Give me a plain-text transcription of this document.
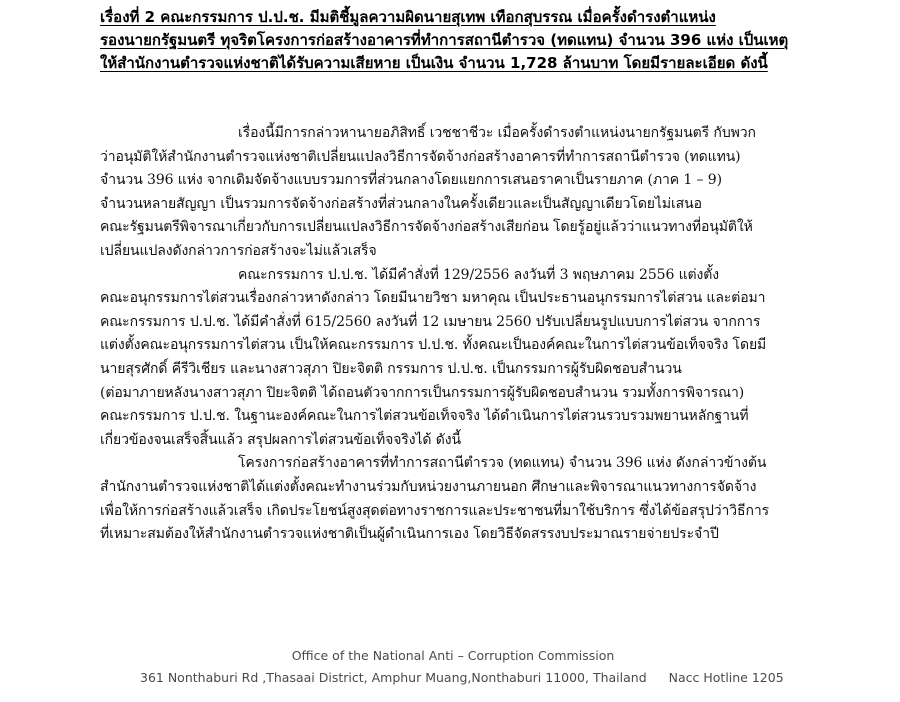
เรื่องที่ 2 คณะกรรมการ ป.ป.ช. มีมติชี้มูลความผิดนายสุเทพ เทือกสุบรรณ เมื่อครั้งดำรงตำแหน่ง
รองนายกรัฐมนตรี ทุจริตโครงการก่อสร้างอาคารที่ทำการสถานีตำรวจ (ทดแทน) จำนวน 396 แห่ง เป็นเหตุ
ให้สำนักงานตำรวจแห่งชาติได้รับความเสียหาย เป็นเงิน จำนวน 1,728 ล้านบาท โดยมีรายละเอียด ดังนี้
เรื่องนี้มีการกล่าวหานายอภิสิทธิ์ เวชชาชีวะ เมื่อครั้งดำรงตำแหน่งนายกรัฐมนตรี กับพวก
ว่าอนุมัติให้สำนักงานตำรวจแห่งชาติเปลี่ยนแปลงวิธีการจัดจ้างก่อสร้างอาคารที่ทำการสถานีตำรวจ (ทดแทน)
จำนวน 396 แห่ง จากเดิมจัดจ้างแบบรวมการที่ส่วนกลางโดยแยกการเสนอราคาเป็นรายภาค (ภาค 1 – 9)
จำนวนหลายสัญญา เป็นรวมการจัดจ้างก่อสร้างที่ส่วนกลางในครั้งเดียวและเป็นสัญญาเดียวโดยไม่เสนอ
คณะรัฐมนตรีพิจารณาเกี่ยวกับการเปลี่ยนแปลงวิธีการจัดจ้างก่อสร้างเสียก่อน โดยรู้อยู่แล้วว่าแนวทางที่อนุมัติให้
เปลี่ยนแปลงดังกล่าวการก่อสร้างจะไม่แล้วเสร็จ
คณะกรรมการ ป.ป.ช. ได้มีคำสั่งที่ 129/2556 ลงวันที่ 3 พฤษภาคม 2556 แต่งตั้ง
คณะอนุกรรมการไต่สวนเรื่องกล่าวหาดังกล่าว โดยมีนายวิชา มหาคุณ เป็นประธานอนุกรรมการไต่สวน และต่อมา
คณะกรรมการ ป.ป.ช. ได้มีคำสั่งที่ 615/2560 ลงวันที่ 12 เมษายน 2560 ปรับเปลี่ยนรูปแบบการไต่สวน จากการ
แต่งตั้งคณะอนุกรรมการไต่สวน เป็นให้คณะกรรมการ ป.ป.ช. ทั้งคณะเป็นองค์คณะในการไต่สวนข้อเท็จจริง โดยมี
นายสุรศักดิ์ คีรีวิเชียร และนางสาวสุภา ปิยะจิตติ กรรมการ ป.ป.ช. เป็นกรรมการผู้รับผิดชอบสำนวน
(ต่อมาภายหลังนางสาวสุภา ปิยะจิตติ ได้ถอนตัวจากการเป็นกรรมการผู้รับผิดชอบสำนวน รวมทั้งการพิจารณา)
คณะกรรมการ ป.ป.ช. ในฐานะองค์คณะในการไต่สวนข้อเท็จจริง ได้ดำเนินการไต่สวนรวบรวมพยานหลักฐานที่
เกี่ยวข้องจนเสร็จสิ้นแล้ว สรุปผลการไต่สวนข้อเท็จจริงได้ ดังนี้
โครงการก่อสร้างอาคารที่ทำการสถานีตำรวจ (ทดแทน) จำนวน 396 แห่ง ดังกล่าวข้างต้น
สำนักงานตำรวจแห่งชาติได้แต่งตั้งคณะทำงานร่วมกับหน่วยงานภายนอก ศึกษาและพิจารณาแนวทางการจัดจ้าง
เพื่อให้การก่อสร้างแล้วเสร็จ เกิดประโยชน์สูงสุดต่อทางราชการและประชาชนที่มาใช้บริการ ซึ่งได้ข้อสรุปว่าวิธีการ
ที่เหมาะสมต้องให้สำนักงานตำรวจแห่งชาติเป็นผู้ดำเนินการเอง โดยวิธีจัดสรรงบประมาณรายจ่ายประจำปี
Office of the National Anti – Corruption Commission
361 Nonthaburi Rd ,Thasaai District, Amphur Muang,Nonthaburi 11000, Thailand Nacc Hotline 1205
